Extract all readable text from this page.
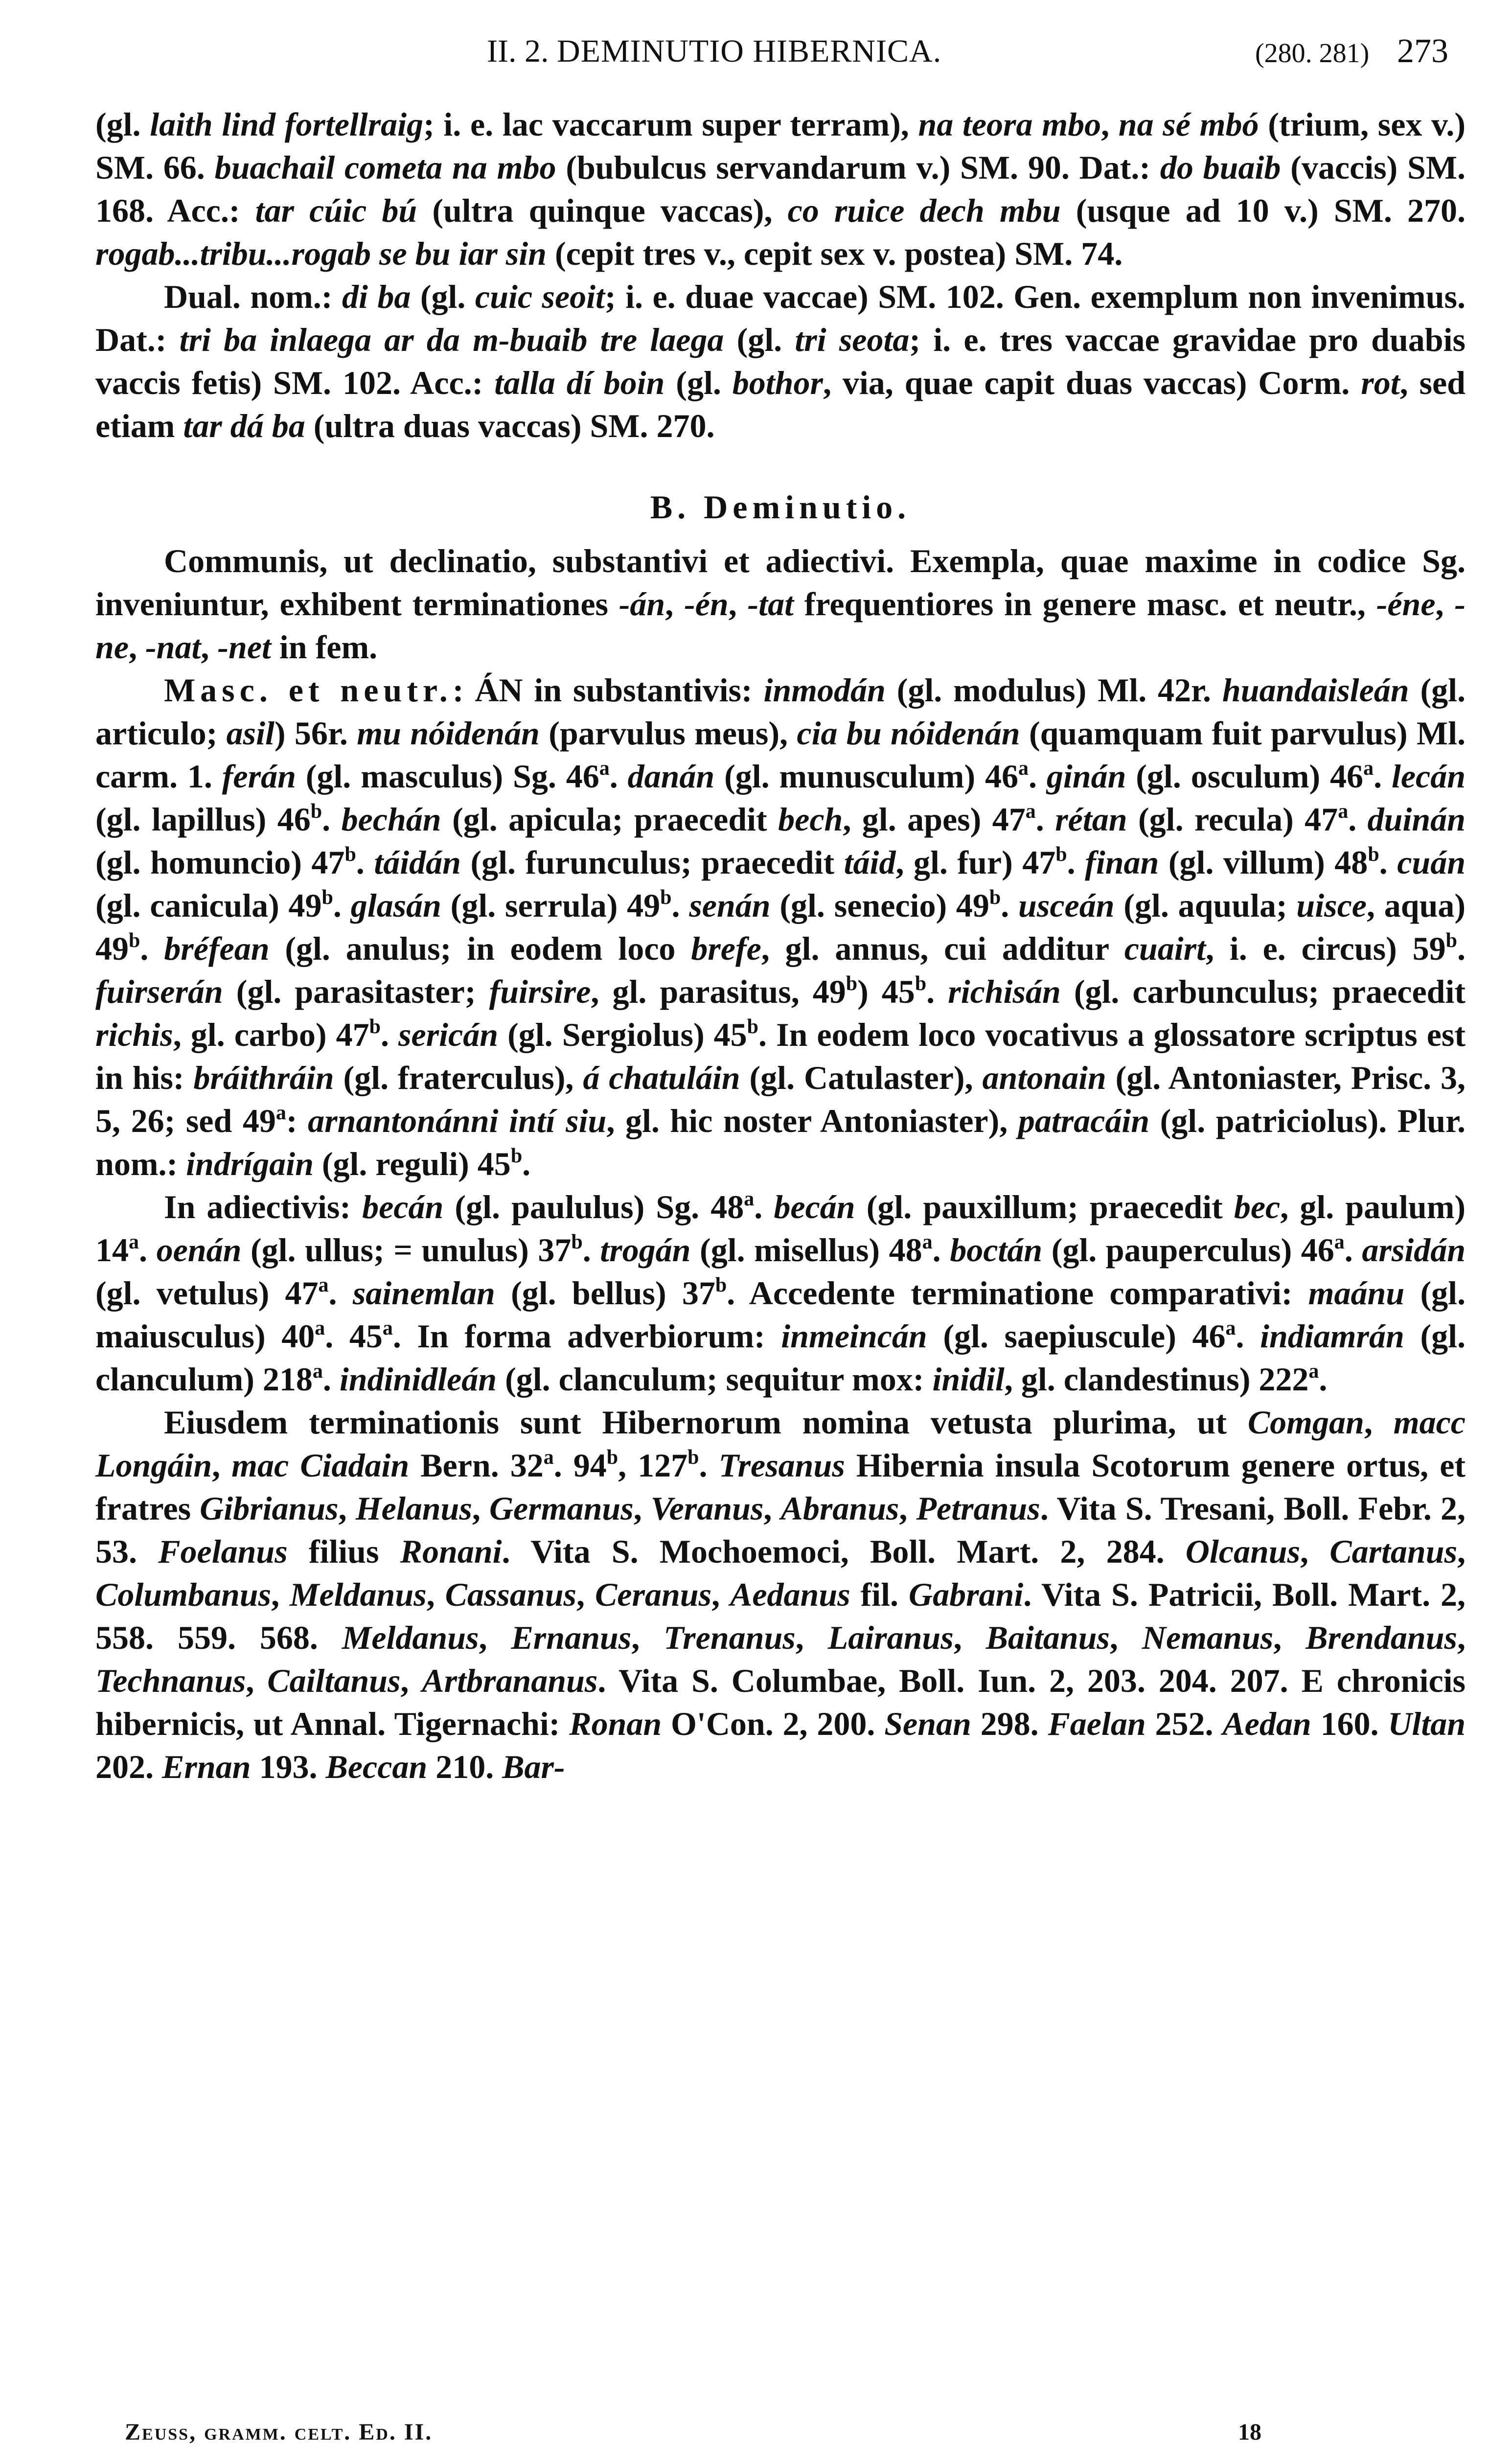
II. 2. DEMINUTIO HIBERNICA.	(280. 281) 273

(gl. laith lind fortellraig; i. e. lac vaccarum super terram), na teora mbo, na sé mbó (trium, sex v.) SM. 66. buachail cometa na mbo (bubulcus servandarum v.) SM. 90. Dat.: do buaib (vaccis) SM. 168. Acc.: tar cúic bú (ultra quinque vaccas), co ruice dech mbu (usque ad 10 v.) SM. 270. rogab...tribu...rogab se bu iar sin (cepit tres v., cepit sex v. postea) SM. 74.

Dual. nom.: di ba (gl. cuic seoit; i. e. duae vaccae) SM. 102. Gen. exemplum non invenimus. Dat.: tri ba inlaega ar da m-buaib tre laega (gl. tri seota; i. e. tres vaccae gravidae pro duabis vaccis fetis) SM. 102. Acc.: talla dí boin (gl. bothor, via, quae capit duas vaccas) Corm. rot, sed etiam tar dá ba (ultra duas vaccas) SM. 270.

B. Deminutio.

Communis, ut declinatio, substantivi et adiectivi. Exempla, quae maxime in codice Sg. inveniuntur, exhibent terminationes -án, -én, -tat frequentiores in genere masc. et neutr., -éne, -ne, -nat, -net in fem.

Masc. et neutr.: ÁN in substantivis: inmodán (gl. modulus) Ml. 42r. huandaisleán (gl. articulo; asil) 56r. mu nóidenán (parvulus meus), cia bu nóidenán (quamquam fuit parvulus) Ml. carm. 1. ferán (gl. masculus) Sg. 46$^a$. danán (gl. munusculum) 46$^a$. ginán (gl. osculum) 46$^a$. lecán (gl. lapillus) 46$^b$. bechán (gl. apicula; praecedit bech, gl. apes) 47$^a$. rétan (gl. recula) 47$^a$. duinán (gl. homuncio) 47$^b$. táidán (gl. furunculus; praecedit táid, gl. fur) 47$^b$. finan (gl. villum) 48$^b$. cuán (gl. canicula) 49$^b$. glasán (gl. serrula) 49$^b$. senán (gl. senecio) 49$^b$. usceán (gl. aquula; uisce, aqua) 49$^b$. bréfean (gl. anulus; in eodem loco brefe, gl. annus, cui additur cuairt, i. e. circus) 59$^b$. fuirserán (gl. parasitaster; fuirsire, gl. parasitus, 49$^b$) 45$^b$. richisán (gl. carbunculus; praecedit richis, gl. carbo) 47$^b$. sericán (gl. Sergiolus) 45$^b$. In eodem loco vocativus a glossatore scriptus est in his: bráithráin (gl. fraterculus), á chatuláin (gl. Catulaster), antonain (gl. Antoniaster, Prisc. 3, 5, 26; sed 49$^a$: arnantonánni intí siu, gl. hic noster Antoniaster), patracáin (gl. patriciolus). Plur. nom.: indrígain (gl. reguli) 45$^b$.

In adiectivis: becán (gl. paululus) Sg. 48$^a$. becán (gl. pauxillum; praecedit bec, gl. paulum) 14$^a$. oenán (gl. ullus; = unulus) 37$^b$. trogán (gl. misellus) 48$^a$. boctán (gl. pauperculus) 46$^a$. arsidán (gl. vetulus) 47$^a$. sainemlan (gl. bellus) 37$^b$. Accedente terminatione comparativi: maánu (gl. maiusculus) 40$^a$. 45$^a$. In forma adverbiorum: inmeincán (gl. saepiuscule) 46$^a$. indiamrán (gl. clanculum) 218$^a$. indinidleán (gl. clanculum; sequitur mox: inidil, gl. clandestinus) 222$^a$.

Eiusdem terminationis sunt Hibernorum nomina vetusta plurima, ut Comgan, macc Longáin, mac Ciadain Bern. 32$^a$. 94$^b$, 127$^b$. Tresanus Hibernia insula Scotorum genere ortus, et fratres Gibrianus, Helanus, Germanus, Veranus, Abranus, Petranus. Vita S. Tresani, Boll. Febr. 2, 53. Foelanus filius Ronani. Vita S. Mochoemoci, Boll. Mart. 2, 284. Olcanus, Cartanus, Columbanus, Meldanus, Cassanus, Ceranus, Aedanus fil. Gabrani. Vita S. Patricii, Boll. Mart. 2, 558. 559. 568. Meldanus, Ernanus, Trenanus, Lairanus, Baitanus, Nemanus, Brendanus, Technanus, Cailtanus, Artbrananus. Vita S. Columbae, Boll. Iun. 2, 203. 204. 207. E chronicis hibernicis, ut Annal. Tigernachi: Ronan O'Con. 2, 200. Senan 298. Faelan 252. Aedan 160. Ultan 202. Ernan 193. Beccan 210. Bar-

Zeuss, gramm. celt. Ed. II.	18
